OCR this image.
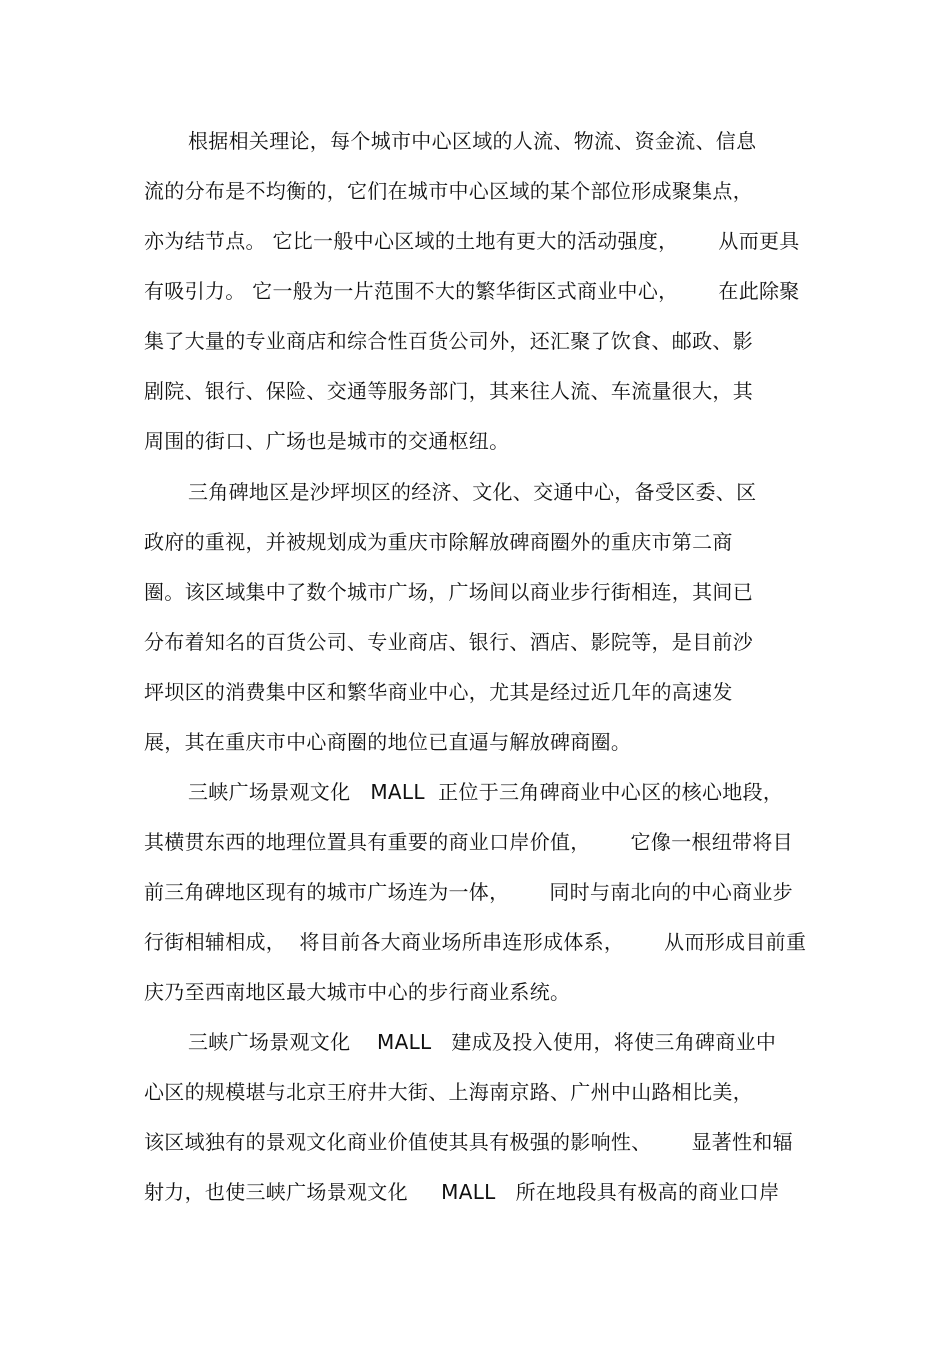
根据相关理论，每个城市中心区域的人流、物流、资金流、信息
流的分布是不均衡的，它们在城市中心区域的某个部位形成聚集点，
亦为结节点。 它比一般中心区域的土地有更大的活动强度，      从而更具
有吸引力。 它一般为一片范围不大的繁华街区式商业中心，      在此除聚
集了大量的专业商店和综合性百货公司外，还汇聚了饮食、邮政、影
剧院、银行、保险、交通等服务部门，其来往人流、车流量很大，其
周围的街口、广场也是城市的交通枢纽。
三角碑地区是沙坪坝区的经济、文化、交通中心，备受区委、区
政府的重视，并被规划成为重庆市除解放碑商圈外的重庆市第二商
圈。该区域集中了数个城市广场，广场间以商业步行街相连，其间已
分布着知名的百货公司、专业商店、银行、酒店、影院等，是目前沙
坪坝区的消费集中区和繁华商业中心，尤其是经过近几年的高速发
展，其在重庆市中心商圈的地位已直逼与解放碑商圈。
三峡广场景观文化   MALL  正位于三角碑商业中心区的核心地段，
其横贯东西的地理位置具有重要的商业口岸价值，      它像一根纽带将目
前三角碑地区现有的城市广场连为一体，      同时与南北向的中心商业步
行街相辅相成，  将目前各大商业场所串连形成体系，      从而形成目前重
庆乃至西南地区最大城市中心的步行商业系统。
三峡广场景观文化    MALL   建成及投入使用，将使三角碑商业中
心区的规模堪与北京王府井大街、上海南京路、广州中山路相比美，
该区域独有的景观文化商业价值使其具有极强的影响性、      显著性和辐
射力，也使三峡广场景观文化     MALL   所在地段具有极高的商业口岸
